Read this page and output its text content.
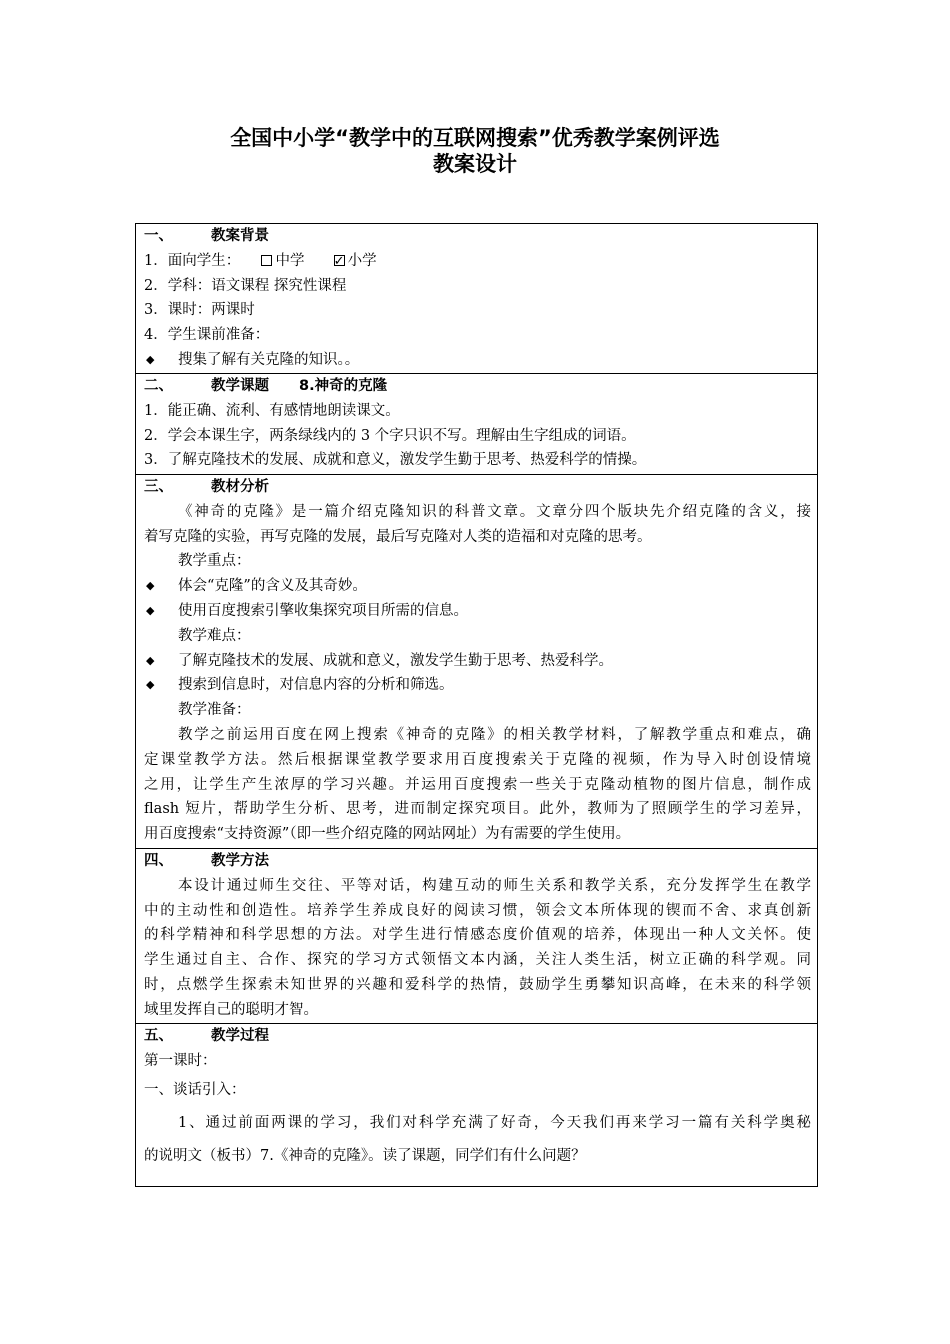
全国中小学“教学中的互联网搜索”优秀教学案例评选
教案设计
一、	教案背景
1．面向学生： 中学  ✓	小学
2．学科：语文课程 探究性课程
3．课时：两课时
4．学生课前准备：
◆ 搜集了解有关克隆的知识。。
二、	教学课题 8.神奇的克隆
1．能正确、流利、有感情地朗读课文。
2．学会本课生字，两条绿线内的 3 个字只识不写。理解由生字组成的词语。
3．了解克隆技术的发展、成就和意义，激发学生勤于思考、热爱科学的情操。
三、	教材分析
《神奇的克隆》是一篇介绍克隆知识的科普文章。文章分四个版块先介绍克隆的含义，接
着写克隆的实验，再写克隆的发展，最后写克隆对人类的造福和对克隆的思考。
教学重点：
◆ 体会“克隆”的含义及其奇妙。
◆ 使用百度搜索引擎收集探究项目所需的信息。
教学难点：
◆ 了解克隆技术的发展、成就和意义，激发学生勤于思考、热爱科学。
◆ 搜索到信息时，对信息内容的分析和筛选。
教学准备：
教学之前运用百度在网上搜索《神奇的克隆》的相关教学材料，了解教学重点和难点，确
定课堂教学方法。然后根据课堂教学要求用百度搜索关于克隆的视频，作为导入时创设情境
之用，让学生产生浓厚的学习兴趣。并运用百度搜索一些关于克隆动植物的图片信息，制作成
flash 短片，帮助学生分析、思考，进而制定探究项目。此外，教师为了照顾学生的学习差异，
用百度搜索“支持资源”（即一些介绍克隆的网站网址）为有需要的学生使用。
四、	教学方法
本设计通过师生交往、平等对话，构建互动的师生关系和教学关系，充分发挥学生在教学
中的主动性和创造性。培养学生养成良好的阅读习惯，领会文本所体现的锲而不舍、求真创新
的科学精神和科学思想的方法。对学生进行情感态度价值观的培养，体现出一种人文关怀。使
学生通过自主、合作、探究的学习方式领悟文本内涵，关注人类生活，树立正确的科学观。同
时，点燃学生探索未知世界的兴趣和爱科学的热情，鼓励学生勇攀知识高峰，在未来的科学领
域里发挥自己的聪明才智。
五、	教学过程
第一课时：
一、谈话引入：
1、通过前面两课的学习，我们对科学充满了好奇，今天我们再来学习一篇有关科学奥秘
的说明文（板书）7.《神奇的克隆》。读了课题，同学们有什么问题？
